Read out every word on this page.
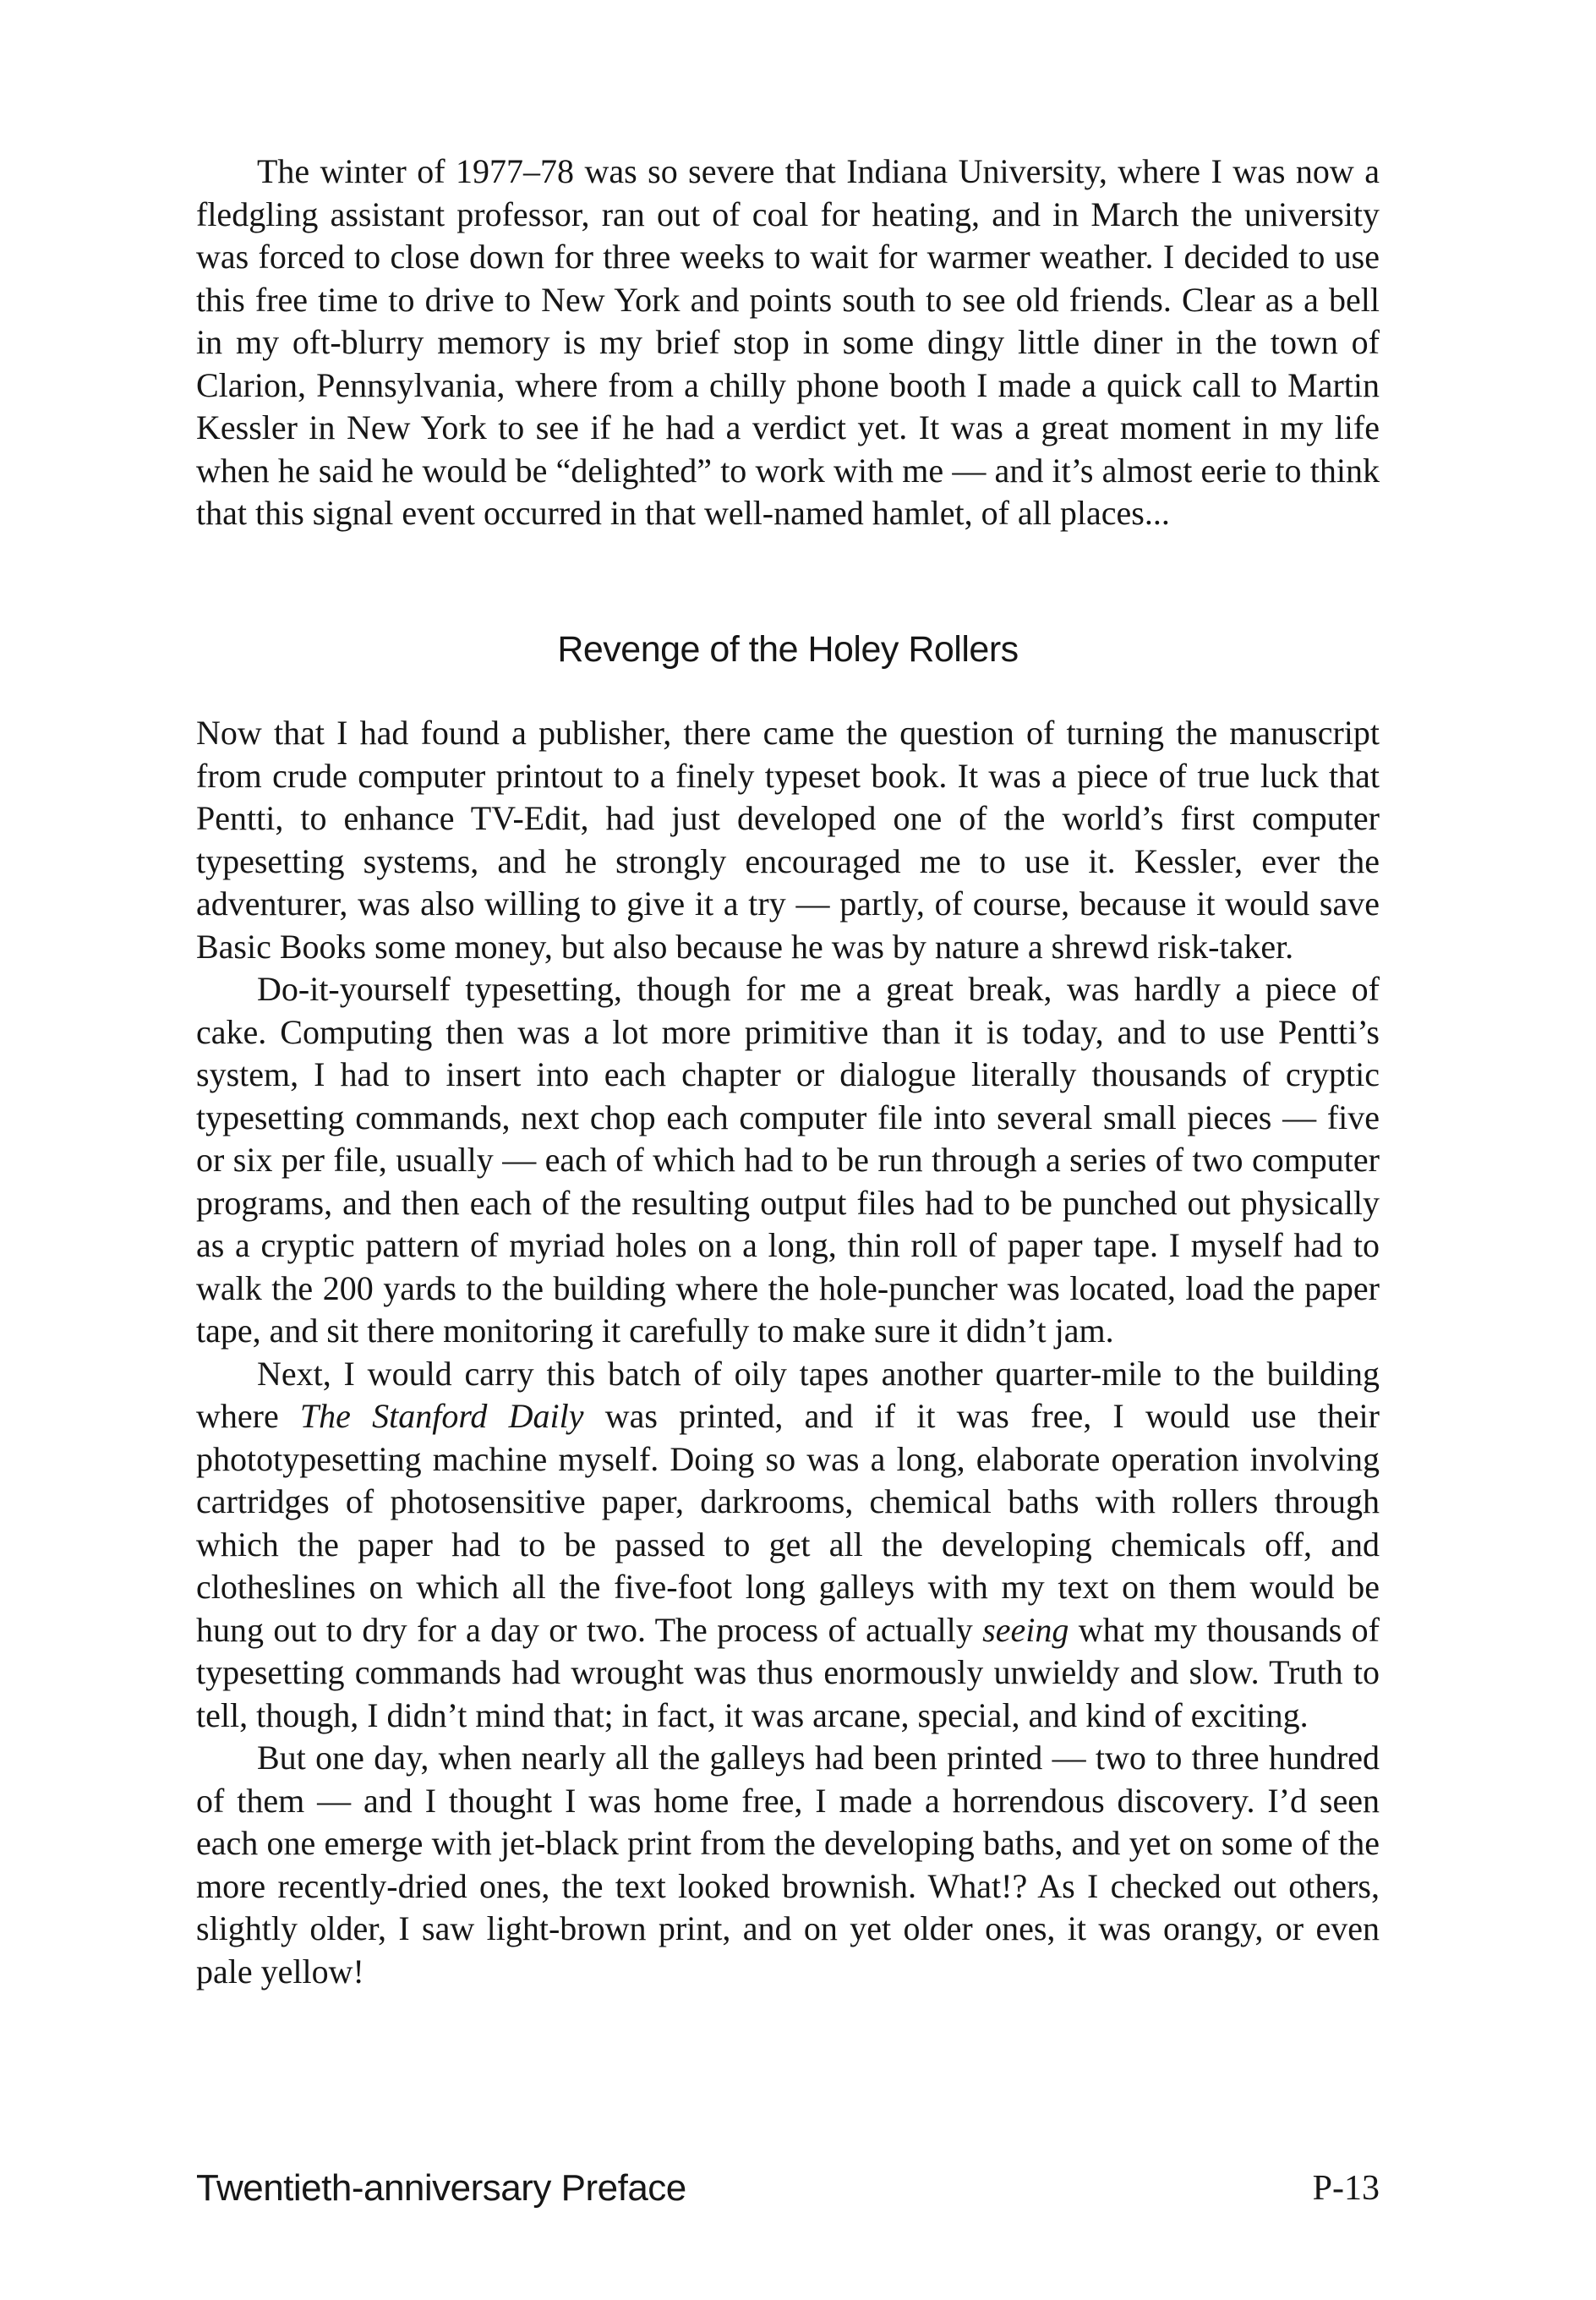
The winter of 1977–78 was so severe that Indiana University, where I was now a fledgling assistant professor, ran out of coal for heating, and in March the university was forced to close down for three weeks to wait for warmer weather. I decided to use this free time to drive to New York and points south to see old friends. Clear as a bell in my oft-blurry memory is my brief stop in some dingy little diner in the town of Clarion, Pennsylvania, where from a chilly phone booth I made a quick call to Martin Kessler in New York to see if he had a verdict yet. It was a great moment in my life when he said he would be “delighted” to work with me — and it’s almost eerie to think that this signal event occurred in that well-named hamlet, of all places...

Revenge of the Holey Rollers

Now that I had found a publisher, there came the question of turning the manuscript from crude computer printout to a finely typeset book. It was a piece of true luck that Pentti, to enhance TV-Edit, had just developed one of the world’s first computer typesetting systems, and he strongly encouraged me to use it. Kessler, ever the adventurer, was also willing to give it a try — partly, of course, because it would save Basic Books some money, but also because he was by nature a shrewd risk-taker.

Do-it-yourself typesetting, though for me a great break, was hardly a piece of cake. Computing then was a lot more primitive than it is today, and to use Pentti’s system, I had to insert into each chapter or dialogue literally thousands of cryptic typesetting commands, next chop each computer file into several small pieces — five or six per file, usually — each of which had to be run through a series of two computer programs, and then each of the resulting output files had to be punched out physically as a cryptic pattern of myriad holes on a long, thin roll of paper tape. I myself had to walk the 200 yards to the building where the hole-puncher was located, load the paper tape, and sit there monitoring it carefully to make sure it didn’t jam.

Next, I would carry this batch of oily tapes another quarter-mile to the building where The Stanford Daily was printed, and if it was free, I would use their phototypesetting machine myself. Doing so was a long, elaborate operation involving cartridges of photosensitive paper, darkrooms, chemical baths with rollers through which the paper had to be passed to get all the developing chemicals off, and clotheslines on which all the five-foot long galleys with my text on them would be hung out to dry for a day or two. The process of actually seeing what my thousands of typesetting commands had wrought was thus enormously unwieldy and slow. Truth to tell, though, I didn’t mind that; in fact, it was arcane, special, and kind of exciting.

But one day, when nearly all the galleys had been printed — two to three hundred of them — and I thought I was home free, I made a horrendous discovery. I’d seen each one emerge with jet-black print from the developing baths, and yet on some of the more recently-dried ones, the text looked brownish. What!? As I checked out others, slightly older, I saw light-brown print, and on yet older ones, it was orangy, or even pale yellow!

Twentieth-anniversary Preface	P-13
